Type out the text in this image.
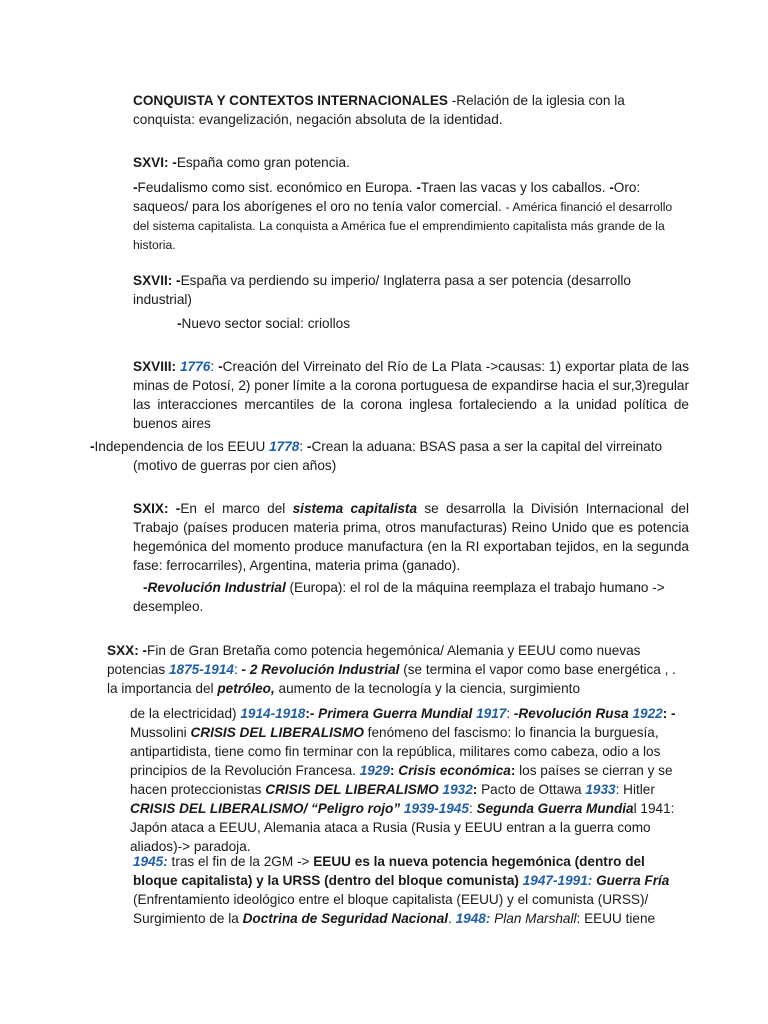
CONQUISTA Y CONTEXTOS INTERNACIONALES -Relación de la iglesia con la conquista: evangelización, negación absoluta de la identidad.

SXVI: -España como gran potencia.

-Feudalismo como sist. económico en Europa. -Traen las vacas y los caballos. -Oro: saqueos/ para los aborígenes el oro no tenía valor comercial. - América financió el desarrollo del sistema capitalista. La conquista a América fue el emprendimiento capitalista más grande de la historia.

SXVII: -España va perdiendo su imperio/ Inglaterra pasa a ser potencia (desarrollo industrial)

-Nuevo sector social: criollos

SXVIII: 1776: -Creación del Virreinato del Río de La Plata ->causas: 1) exportar plata de las minas de Potosí, 2) poner límite a la corona portuguesa de expandirse hacia el sur,3)regular las interacciones mercantiles de la corona inglesa fortaleciendo a la unidad política de buenos aires

-Independencia de los EEUU 1778: -Crean la aduana: BSAS pasa a ser la capital del virreinato (motivo de guerras por cien años)

SXIX: -En el marco del sistema capitalista se desarrolla la División Internacional del Trabajo (países producen materia prima, otros manufacturas) Reino Unido que es potencia hegemónica del momento produce manufactura (en la RI exportaban tejidos, en la segunda fase: ferrocarriles), Argentina, materia prima (ganado).

-Revolución Industrial (Europa): el rol de la máquina reemplaza el trabajo humano -> desempleo.

SXX: -Fin de Gran Bretaña como potencia hegemónica/ Alemania y EEUU como nuevas potencias 1875-1914: - 2 Revolución Industrial (se termina el vapor como base energética , . la importancia del petróleo, aumento de la tecnología y la ciencia, surgimiento

de la electricidad) 1914-1918:- Primera Guerra Mundial 1917: -Revolución Rusa 1922: - Mussolini CRISIS DEL LIBERALISMO fenómeno del fascismo: lo financia la burguesía, antipartidista, tiene como fin terminar con la república, militares como cabeza, odio a los principios de la Revolución Francesa. 1929: Crisis económica: los países se cierran y se hacen proteccionistas CRISIS DEL LIBERALISMO 1932: Pacto de Ottawa 1933: Hitler CRISIS DEL LIBERALISMO/ “Peligro rojo” 1939-1945: Segunda Guerra Mundial 1941: Japón ataca a EEUU, Alemania ataca a Rusia (Rusia y EEUU entran a la guerra como aliados)-> paradoja.

1945: tras el fin de la 2GM -> EEUU es la nueva potencia hegemónica (dentro del bloque capitalista) y la URSS (dentro del bloque comunista) 1947-1991: Guerra Fría (Enfrentamiento ideológico entre el bloque capitalista (EEUU) y el comunista (URSS)/ Surgimiento de la Doctrina de Seguridad Nacional. 1948: Plan Marshall: EEUU tiene
